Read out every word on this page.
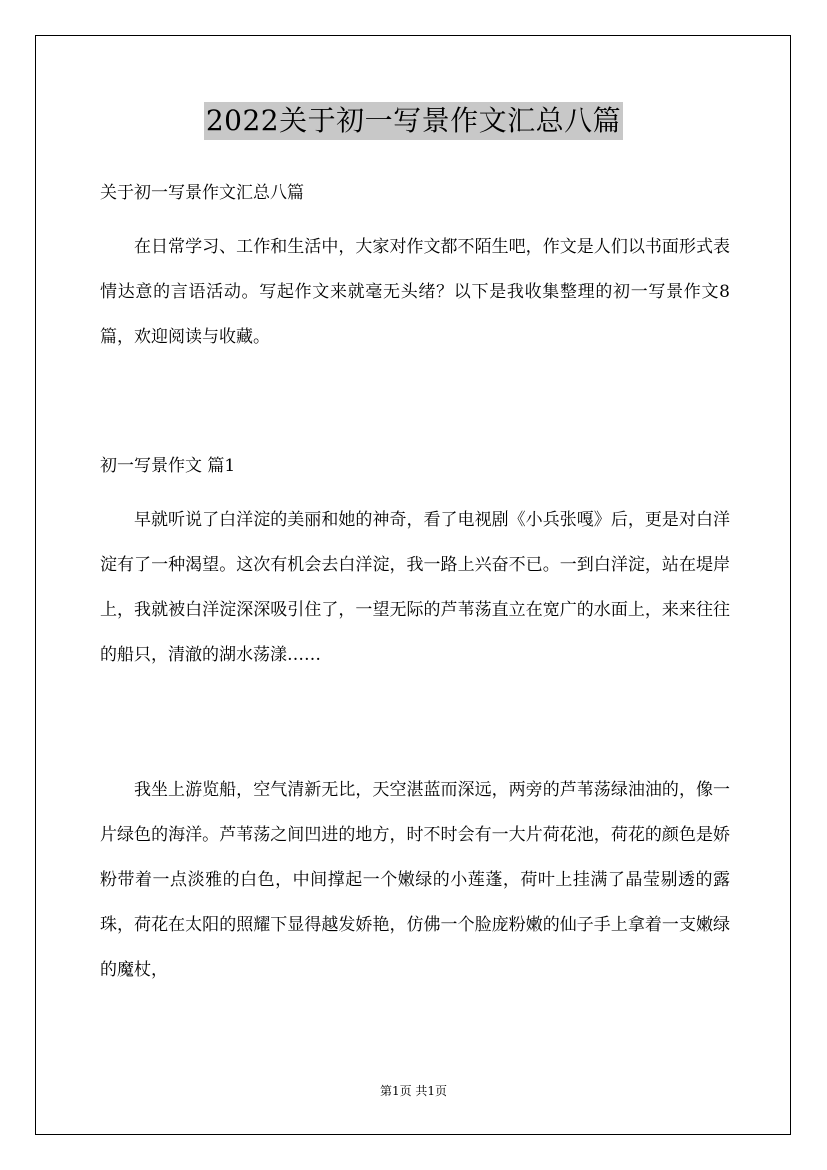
2022关于初一写景作文汇总八篇
关于初一写景作文汇总八篇

在日常学习、工作和生活中，大家对作文都不陌生吧，作文是人们以书面形式表情达意的言语活动。写起作文来就毫无头绪？以下是我收集整理的初一写景作文8篇，欢迎阅读与收藏。

初一写景作文 篇1

早就听说了白洋淀的美丽和她的神奇，看了电视剧《小兵张嘎》后，更是对白洋淀有了一种渴望。这次有机会去白洋淀，我一路上兴奋不已。一到白洋淀，站在堤岸上，我就被白洋淀深深吸引住了，一望无际的芦苇荡直立在宽广的水面上，来来往往的船只，清澈的湖水荡漾……

我坐上游览船，空气清新无比，天空湛蓝而深远，两旁的芦苇荡绿油油的，像一片绿色的海洋。芦苇荡之间凹进的地方，时不时会有一大片荷花池，荷花的颜色是娇粉带着一点淡雅的白色，中间撑起一个嫩绿的小莲蓬，荷叶上挂满了晶莹剔透的露珠，荷花在太阳的照耀下显得越发娇艳，仿佛一个脸庞粉嫩的仙子手上拿着一支嫩绿的魔杖，

第1页 共1页
